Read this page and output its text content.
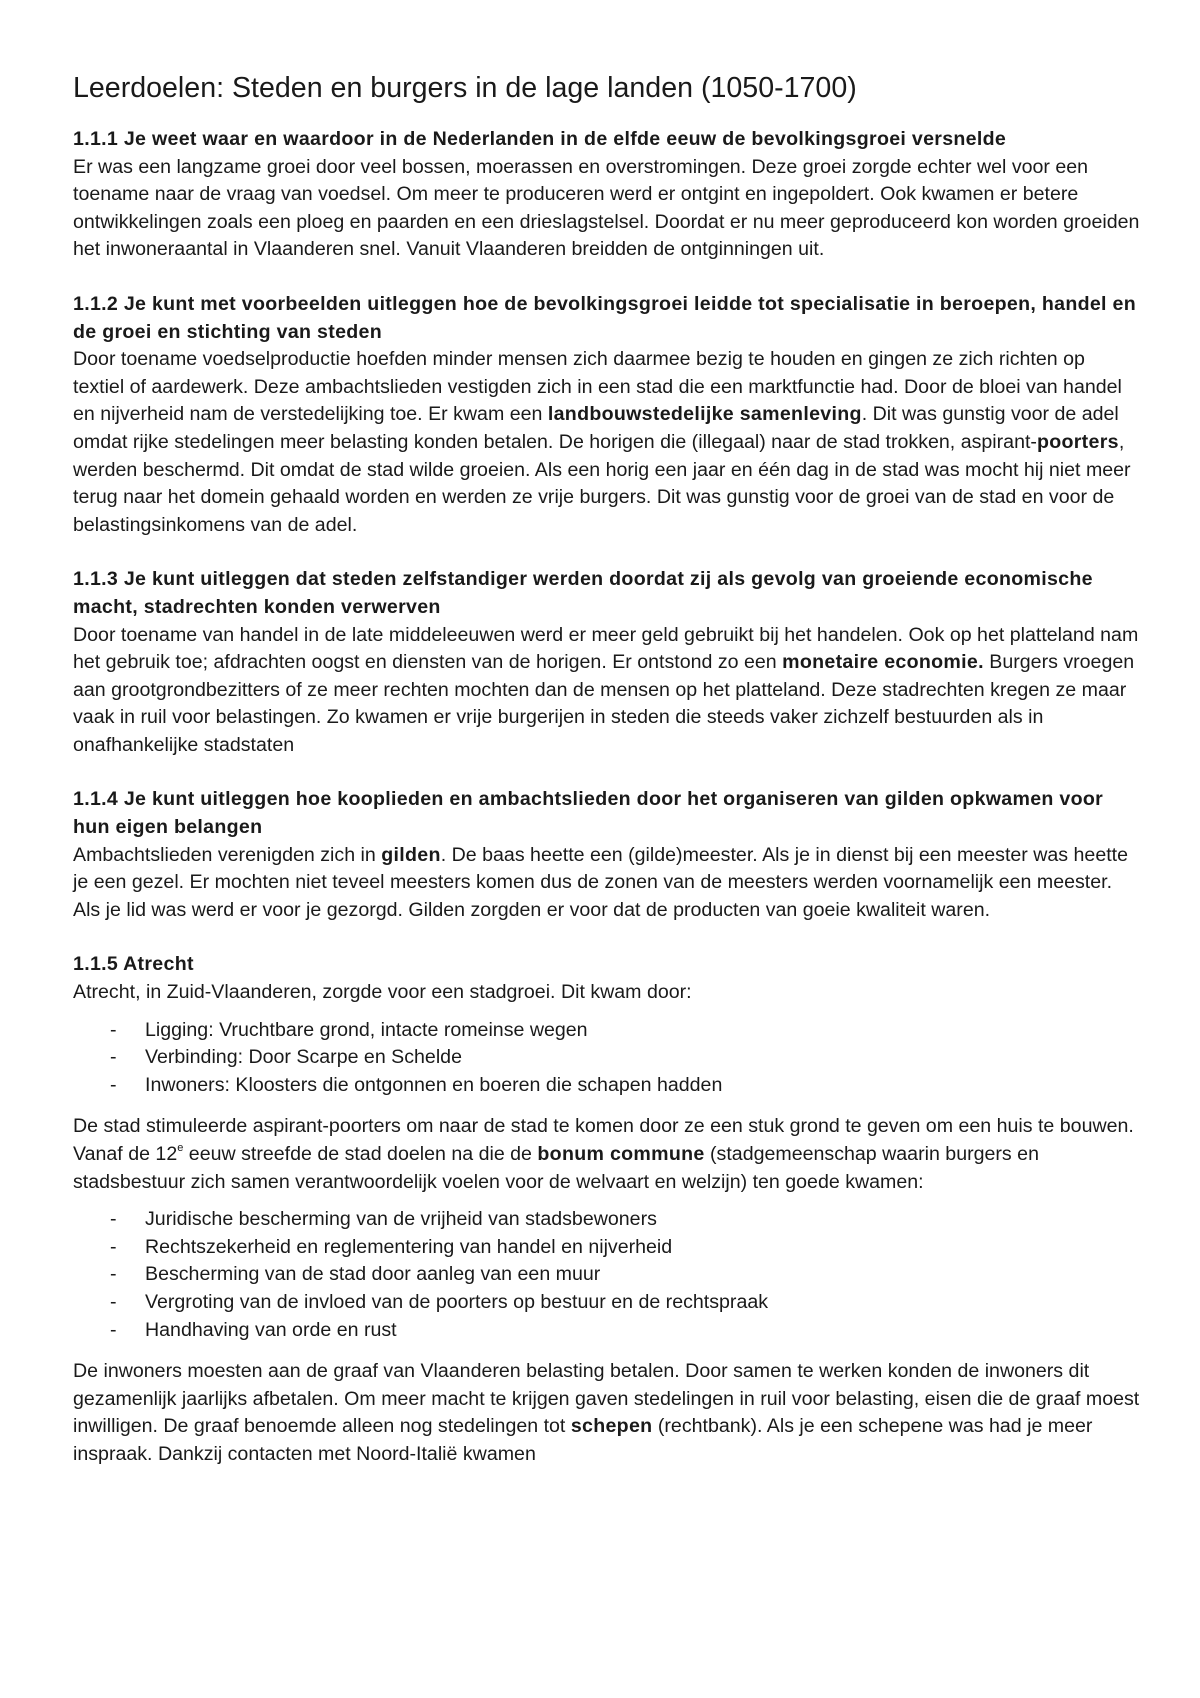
Leerdoelen: Steden en burgers in de lage landen (1050-1700)

1.1.1 Je weet waar en waardoor in de Nederlanden in de elfde eeuw de bevolkingsgroei versnelde

Er was een langzame groei door veel bossen, moerassen en overstromingen. Deze groei zorgde echter wel voor een toename naar de vraag van voedsel. Om meer te produceren werd er ontgint en ingepoldert. Ook kwamen er betere ontwikkelingen zoals een ploeg en paarden en een drieslagstelsel. Doordat er nu meer geproduceerd kon worden groeiden het inwoneraantal in Vlaanderen snel. Vanuit Vlaanderen breidden de ontginningen uit.

1.1.2 Je kunt met voorbeelden uitleggen hoe de bevolkingsgroei leidde tot specialisatie in beroepen, handel en de groei en stichting van steden

Door toename voedselproductie hoefden minder mensen zich daarmee bezig te houden en gingen ze zich richten op textiel of aardewerk. Deze ambachtslieden vestigden zich in een stad die een marktfunctie had. Door de bloei van handel en nijverheid nam de verstedelijking toe. Er kwam een landbouwstedelijke samenleving. Dit was gunstig voor de adel omdat rijke stedelingen meer belasting konden betalen. De horigen die (illegaal) naar de stad trokken, aspirant-poorters, werden beschermd. Dit omdat de stad wilde groeien. Als een horig een jaar en één dag in de stad was mocht hij niet meer terug naar het domein gehaald worden en werden ze vrije burgers. Dit was gunstig voor de groei van de stad en voor de belastingsinkomens van de adel.

1.1.3 Je kunt uitleggen dat steden zelfstandiger werden doordat zij als gevolg van groeiende economische macht, stadrechten konden verwerven

Door toename van handel in de late middeleeuwen werd er meer geld gebruikt bij het handelen. Ook op het platteland nam het gebruik toe; afdrachten oogst en diensten van de horigen. Er ontstond zo een monetaire economie. Burgers vroegen aan grootgrondbezitters of ze meer rechten mochten dan de mensen op het platteland. Deze stadrechten kregen ze maar vaak in ruil voor belastingen. Zo kwamen er vrije burgerijen in steden die steeds vaker zichzelf bestuurden als in onafhankelijke stadstaten

1.1.4 Je kunt uitleggen hoe kooplieden en ambachtslieden door het organiseren van gilden opkwamen voor hun eigen belangen

Ambachtslieden verenigden zich in gilden. De baas heette een (gilde)meester. Als je in dienst bij een meester was heette je een gezel. Er mochten niet teveel meesters komen dus de zonen van de meesters werden voornamelijk een meester. Als je lid was werd er voor je gezorgd. Gilden zorgden er voor dat de producten van goeie kwaliteit waren.

1.1.5 Atrecht

Atrecht, in Zuid-Vlaanderen, zorgde voor een stadgroei. Dit kwam door:

- Ligging: Vruchtbare grond, intacte romeinse wegen
- Verbinding: Door Scarpe en Schelde
- Inwoners: Kloosters die ontgonnen en boeren die schapen hadden

De stad stimuleerde aspirant-poorters om naar de stad te komen door ze een stuk grond te geven om een huis te bouwen. Vanaf de 12e eeuw streefde de stad doelen na die de bonum commune (stadgemeenschap waarin burgers en stadsbestuur zich samen verantwoordelijk voelen voor de welvaart en welzijn) ten goede kwamen:

- Juridische bescherming van de vrijheid van stadsbewoners
- Rechtszekerheid en reglementering van handel en nijverheid
- Bescherming van de stad door aanleg van een muur
- Vergroting van de invloed van de poorters op bestuur en de rechtspraak
- Handhaving van orde en rust

De inwoners moesten aan de graaf van Vlaanderen belasting betalen. Door samen te werken konden de inwoners dit gezamenlijk jaarlijks afbetalen. Om meer macht te krijgen gaven stedelingen in ruil voor belasting, eisen die de graaf moest inwilligen. De graaf benoemde alleen nog stedelingen tot schepen (rechtbank). Als je een schepene was had je meer inspraak. Dankzij contacten met Noord-Italië kwamen
